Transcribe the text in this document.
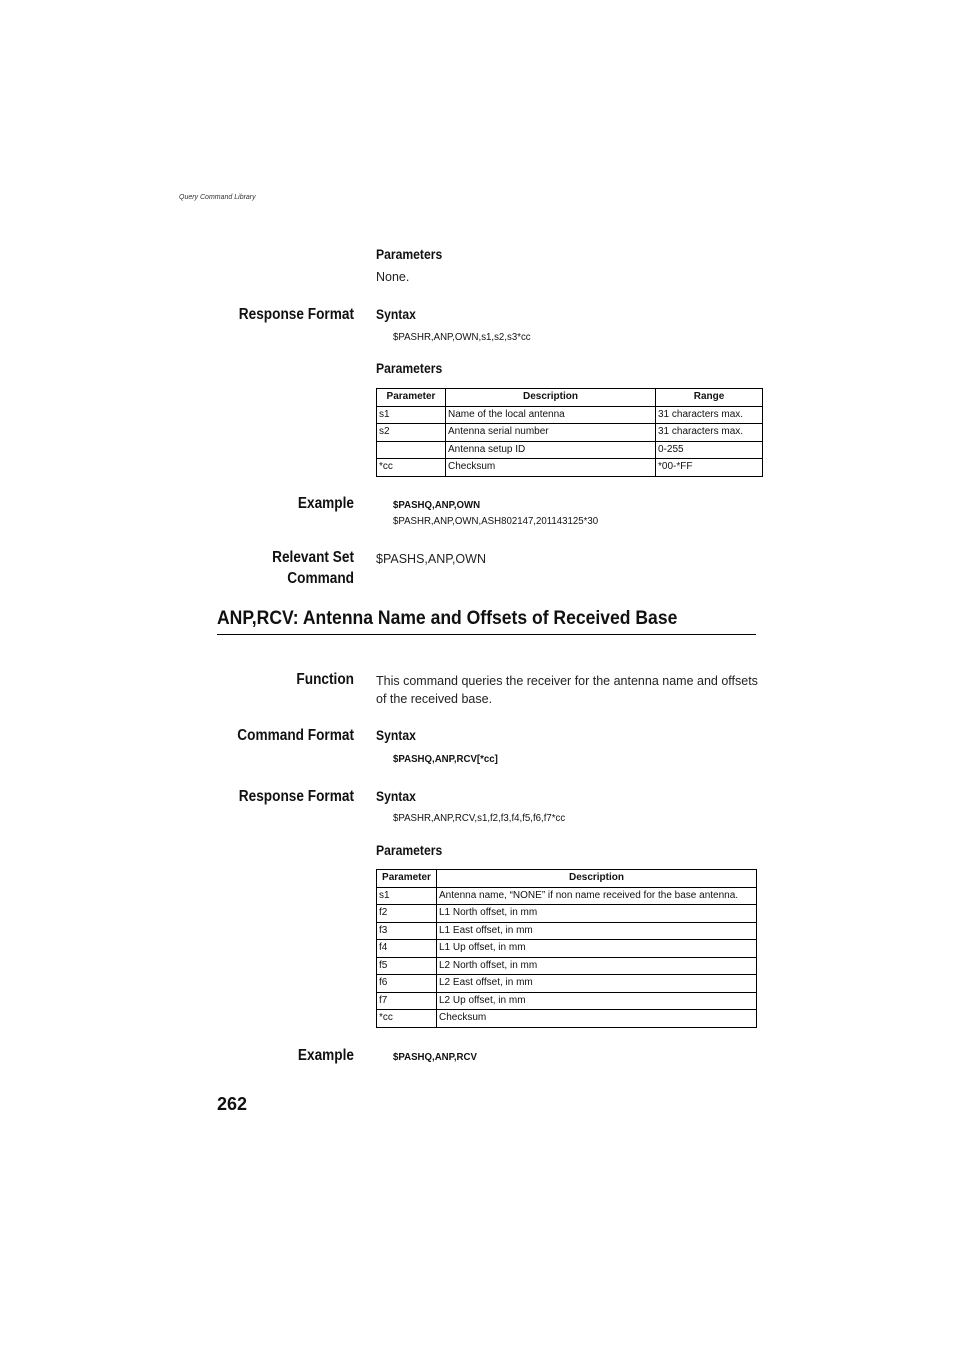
Query Command Library
Parameters
None.
Response Format Syntax
$PASHR,ANP,OWN,s1,s2,s3*cc
Parameters
Parameter	Description	Range
s1	Name of the local antenna	31 characters max.
s2	Antenna serial number	31 characters max.
	Antenna setup ID	0-255
*cc	Checksum	*00-*FF
Example	$PASHQ,ANP,OWN
$PASHR,ANP,OWN,ASH802147,201143125*30
Relevant Set
Command
$PASHS,ANP,OWN
ANP,RCV: Antenna Name and Offsets of Received Base
Function This command queries the receiver for the antenna name and offsets of the received base.
Command Format Syntax
$PASHQ,ANP,RCV[*cc]
Response Format Syntax
$PASHR,ANP,RCV,s1,f2,f3,f4,f5,f6,f7*cc
Parameters
Parameter	Description
s1	Antenna name, “NONE” if non name received for the base antenna.
f2	L1 North offset, in mm
f3	L1 East offset, in mm
f4	L1 Up offset, in mm
f5	L2 North offset, in mm
f6	L2 East offset, in mm
f7	L2 Up offset, in mm
*cc	Checksum
Example	$PASHQ,ANP,RCV
262
